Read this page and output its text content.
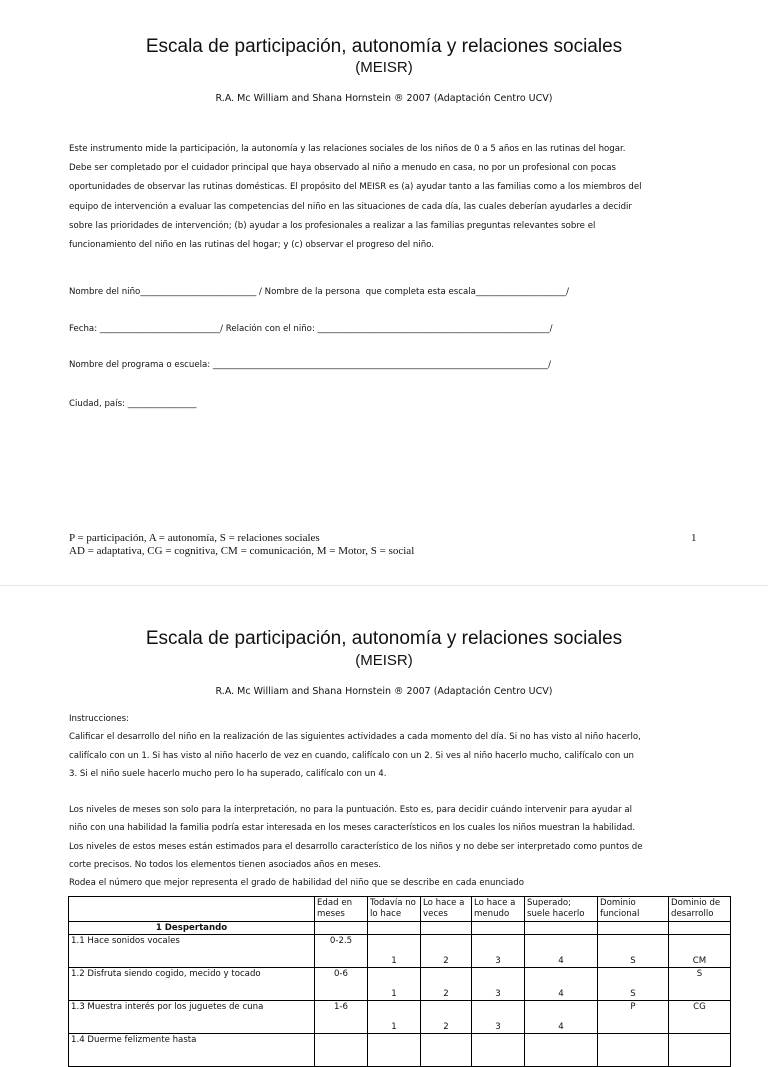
Escala de participación, autonomía y relaciones sociales
(MEISR)
R.A. Mc William and Shana Hornstein ® 2007 (Adaptación Centro UCV)
Este instrumento mide la participación, la autonomía y las relaciones sociales de los niños de 0 a 5 años en las rutinas del hogar.
Debe ser completado por el cuidador principal que haya observado al niño a menudo en casa, no por un profesional con pocas
oportunidades de observar las rutinas domésticas. El propósito del MEISR es (a) ayudar tanto a las familias como a los miembros del
equipo de intervención a evaluar las competencias del niño en las situaciones de cada día, las cuales deberían ayudarles a decidir
sobre las prioridades de intervención; (b) ayudar a los profesionales a realizar a las familias preguntas relevantes sobre el
funcionamiento del niño en las rutinas del hogar; y (c) observar el progreso del niño.
Nombre del niño___________________________ / Nombre de la persona  que completa esta escala_____________________/
Fecha: ____________________________/ Relación con el niño: ______________________________________________________/
Nombre del programa o escuela: ______________________________________________________________________________/
Ciudad, país: ________________
P = participación, A = autonomía, S = relaciones sociales
AD = adaptativa, CG = cognitiva, CM = comunicación, M = Motor, S = social
1
Escala de participación, autonomía y relaciones sociales
(MEISR)
R.A. Mc William and Shana Hornstein ® 2007 (Adaptación Centro UCV)
Instrucciones:
Calificar el desarrollo del niño en la realización de las siguientes actividades a cada momento del día. Si no has visto al niño hacerlo,
califícalo con un 1. Si has visto al niño hacerlo de vez en cuando, califícalo con un 2. Si ves al niño hacerlo mucho, califícalo con un
3. Si el niño suele hacerlo mucho pero lo ha superado, califícalo con un 4.
Los niveles de meses son solo para la interpretación, no para la puntuación. Esto es, para decidir cuándo intervenir para ayudar al
niño con una habilidad la familia podría estar interesada en los meses característicos en los cuales los niños muestran la habilidad.
Los niveles de estos meses están estimados para el desarrollo característico de los niños y no debe ser interpretado como puntos de
corte precisos. No todos los elementos tienen asociados años en meses.
Rodea el número que mejor representa el grado de habilidad del niño que se describe en cada enunciado
	Edad en meses	Todavía no lo hace	Lo hace a veces	Lo hace a menudo	Superado; suele hacerlo	Dominio funcional	Dominio de desarrollo
1 Despertando							
1.1 Hace sonidos vocales	0-2.5	1	2	3	4	S	CM
1.2 Disfruta siendo cogido, mecido y tocado	0-6	1	2	3	4	S	S
1.3 Muestra interés por los juguetes de cuna	1-6	1	2	3	4	P	CG
1.4 Duerme felizmente hasta							
